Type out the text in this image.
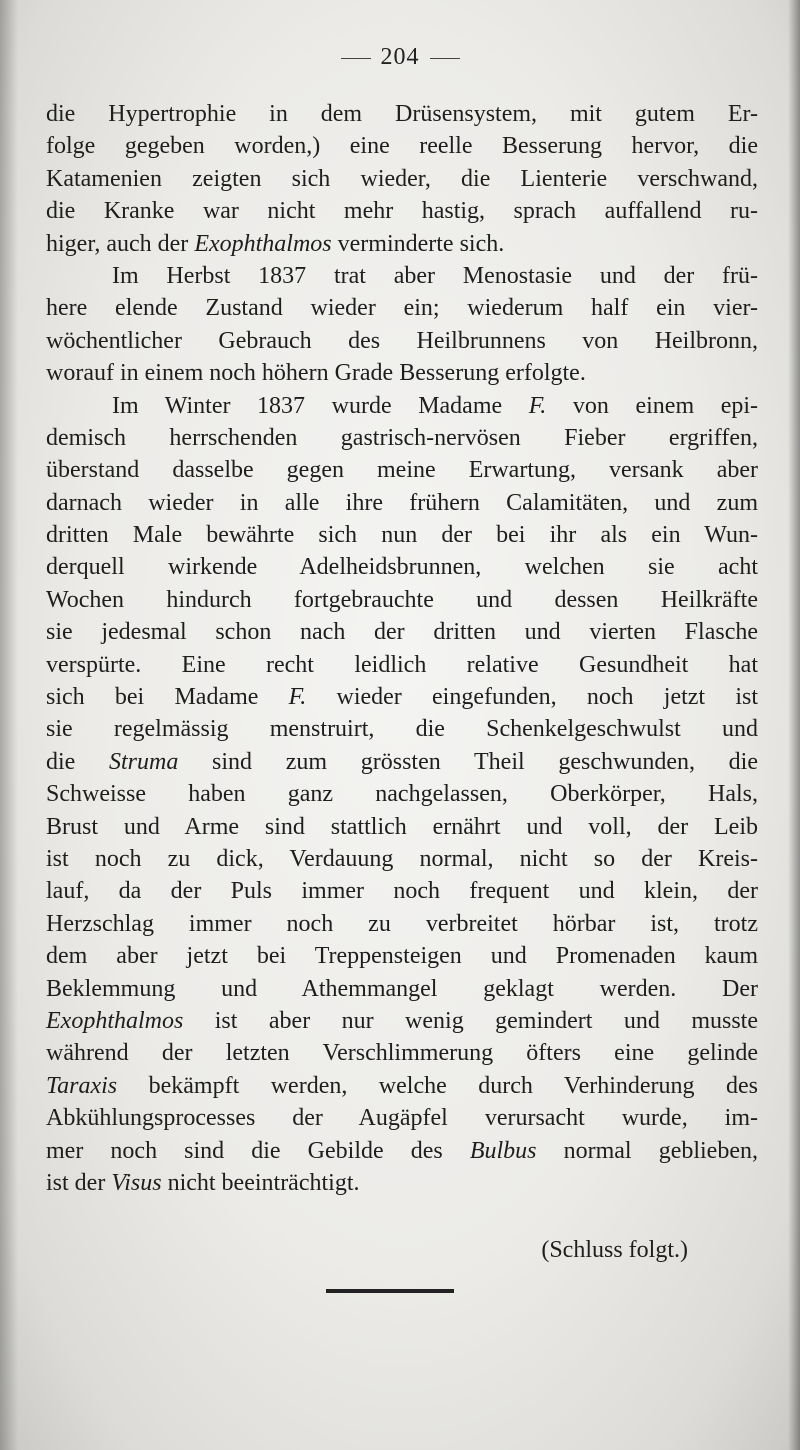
204
die Hypertrophie in dem Drüsensystem, mit gutem Er-
folge gegeben worden,) eine reelle Besserung hervor, die
Katamenien zeigten sich wieder, die Lienterie verschwand,
die Kranke war nicht mehr hastig, sprach auffallend ru-
higer, auch der Exophthalmos verminderte sich.
Im Herbst 1837 trat aber Menostasie und der frü-
here elende Zustand wieder ein; wiederum half ein vier-
wöchentlicher Gebrauch des Heilbrunnens von Heilbronn,
worauf in einem noch höhern Grade Besserung erfolgte.
Im Winter 1837 wurde Madame F. von einem epi-
demisch herrschenden gastrisch-nervösen Fieber ergriffen,
überstand dasselbe gegen meine Erwartung, versank aber
darnach wieder in alle ihre frühern Calamitäten, und zum
dritten Male bewährte sich nun der bei ihr als ein Wun-
derquell wirkende Adelheidsbrunnen, welchen sie acht
Wochen hindurch fortgebrauchte und dessen Heilkräfte
sie jedesmal schon nach der dritten und vierten Flasche
verspürte. Eine recht leidlich relative Gesundheit hat
sich bei Madame F. wieder eingefunden, noch jetzt ist
sie regelmässig menstruirt, die Schenkelgeschwulst und
die Struma sind zum grössten Theil geschwunden, die
Schweisse haben ganz nachgelassen, Oberkörper, Hals,
Brust und Arme sind stattlich ernährt und voll, der Leib
ist noch zu dick, Verdauung normal, nicht so der Kreis-
lauf, da der Puls immer noch frequent und klein, der
Herzschlag immer noch zu verbreitet hörbar ist, trotz
dem aber jetzt bei Treppensteigen und Promenaden kaum
Beklemmung und Athemmangel geklagt werden. Der
Exophthalmos ist aber nur wenig gemindert und musste
während der letzten Verschlimmerung öfters eine gelinde
Taraxis bekämpft werden, welche durch Verhinderung des
Abkühlungsprocesses der Augäpfel verursacht wurde, im-
mer noch sind die Gebilde des Bulbus normal geblieben,
ist der Visus nicht beeinträchtigt.
(Schluss folgt.)
